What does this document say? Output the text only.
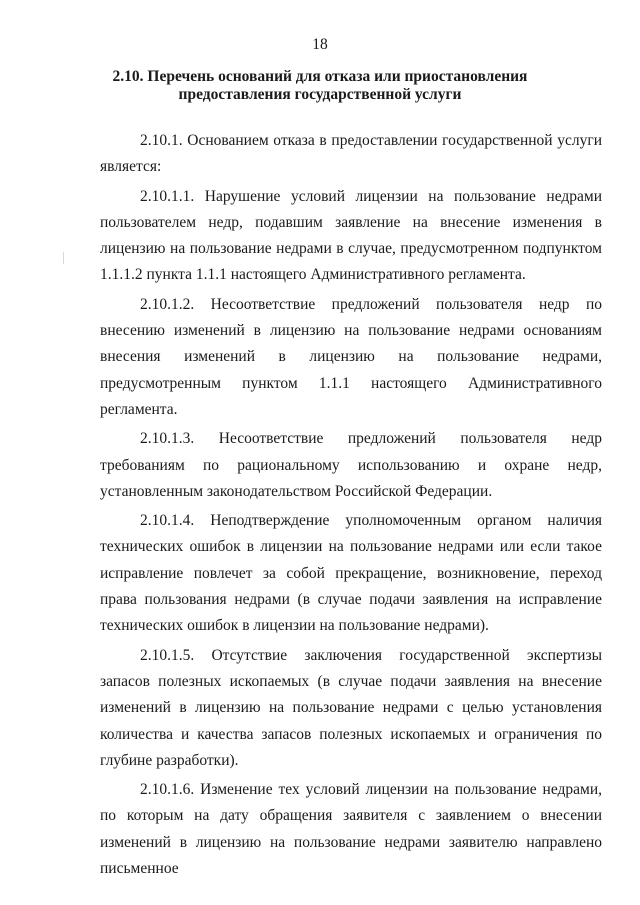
18
2.10. Перечень оснований для отказа или приостановления
предоставления государственной услуги

2.10.1. Основанием отказа в предоставлении государственной услуги является:

2.10.1.1. Нарушение условий лицензии на пользование недрами пользователем недр, подавшим заявление на внесение изменения в лицензию на пользование недрами в случае, предусмотренном подпунктом 1.1.1.2 пункта 1.1.1 настоящего Административного регламента.

2.10.1.2. Несоответствие предложений пользователя недр по внесению изменений в лицензию на пользование недрами основаниям внесения изменений в лицензию на пользование недрами, предусмотренным пунктом 1.1.1 настоящего Административного регламента.

2.10.1.3. Несоответствие предложений пользователя недр требованиям по рациональному использованию и охране недр, установленным законодательством Российской Федерации.

2.10.1.4. Неподтверждение уполномоченным органом наличия технических ошибок в лицензии на пользование недрами или если такое исправление повлечет за собой прекращение, возникновение, переход права пользования недрами (в случае подачи заявления на исправление технических ошибок в лицензии на пользование недрами).

2.10.1.5. Отсутствие заключения государственной экспертизы запасов полезных ископаемых (в случае подачи заявления на внесение изменений в лицензию на пользование недрами с целью установления количества и качества запасов полезных ископаемых и ограничения по глубине разработки).

2.10.1.6. Изменение тех условий лицензии на пользование недрами, по которым на дату обращения заявителя с заявлением о внесении изменений в лицензию на пользование недрами заявителю направлено письменное
